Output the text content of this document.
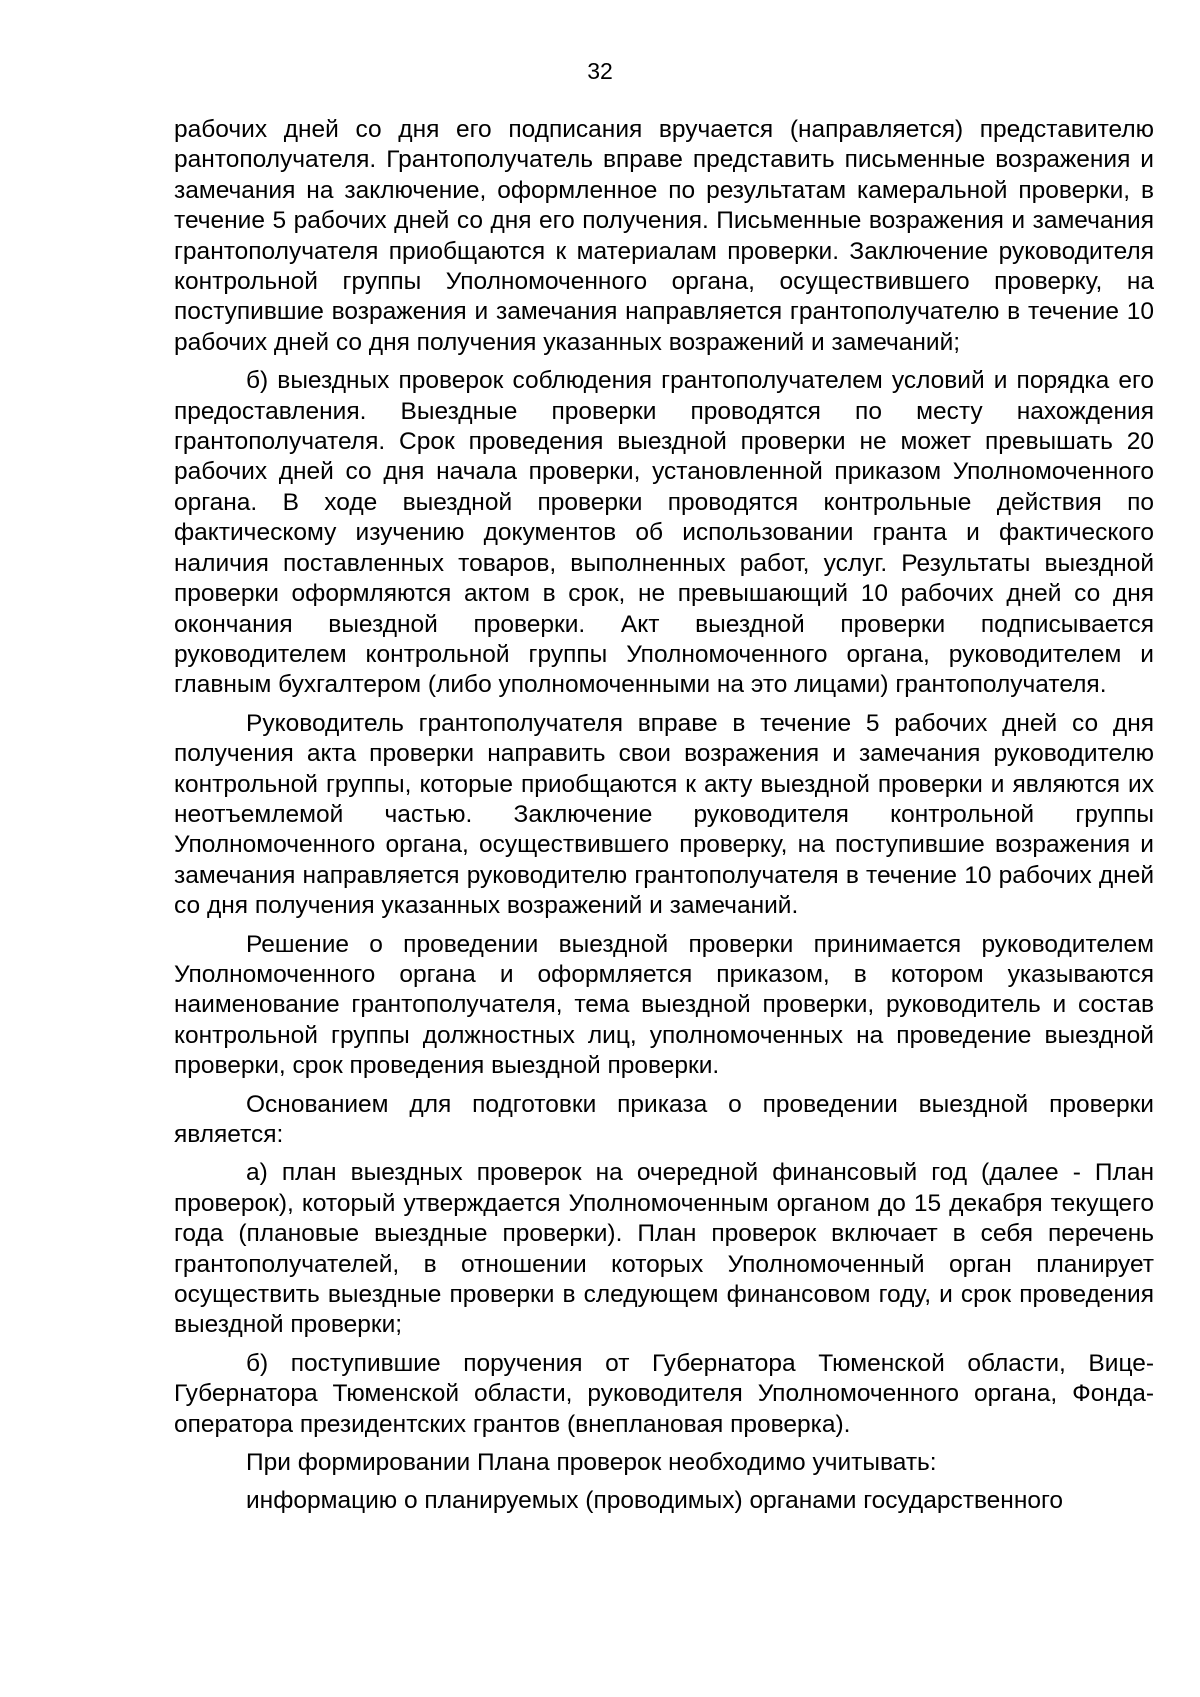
32

рабочих дней со дня его подписания вручается (направляется) представителю рантополучателя. Грантополучатель вправе представить письменные возражения и замечания на заключение, оформленное по результатам камеральной проверки, в течение 5 рабочих дней со дня его получения. Письменные возражения и замечания грантополучателя приобщаются к материалам проверки. Заключение руководителя контрольной группы Уполномоченного органа, осуществившего проверку, на поступившие возражения и замечания направляется грантополучателю в течение 10 рабочих дней со дня получения указанных возражений и замечаний;

б) выездных проверок соблюдения грантополучателем условий и порядка его предоставления. Выездные проверки проводятся по месту нахождения грантополучателя. Срок проведения выездной проверки не может превышать 20 рабочих дней со дня начала проверки, установленной приказом Уполномоченного органа. В ходе выездной проверки проводятся контрольные действия по фактическому изучению документов об использовании гранта и фактического наличия поставленных товаров, выполненных работ, услуг. Результаты выездной проверки оформляются актом в срок, не превышающий 10 рабочих дней со дня окончания выездной проверки. Акт выездной проверки подписывается руководителем контрольной группы Уполномоченного органа, руководителем и главным бухгалтером (либо уполномоченными на это лицами) грантополучателя.

Руководитель грантополучателя вправе в течение 5 рабочих дней со дня получения акта проверки направить свои возражения и замечания руководителю контрольной группы, которые приобщаются к акту выездной проверки и являются их неотъемлемой частью. Заключение руководителя контрольной группы Уполномоченного органа, осуществившего проверку, на поступившие возражения и замечания направляется руководителю грантополучателя в течение 10 рабочих дней со дня получения указанных возражений и замечаний.

Решение о проведении выездной проверки принимается руководителем Уполномоченного органа и оформляется приказом, в котором указываются наименование грантополучателя, тема выездной проверки, руководитель и состав контрольной группы должностных лиц, уполномоченных на проведение выездной проверки, срок проведения выездной проверки.

Основанием для подготовки приказа о проведении выездной проверки является:

а) план выездных проверок на очередной финансовый год (далее - План проверок), который утверждается Уполномоченным органом до 15 декабря текущего года (плановые выездные проверки). План проверок включает в себя перечень грантополучателей, в отношении которых Уполномоченный орган планирует осуществить выездные проверки в следующем финансовом году, и срок проведения выездной проверки;

б) поступившие поручения от Губернатора Тюменской области, Вице-Губернатора Тюменской области, руководителя Уполномоченного органа, Фонда-оператора президентских грантов (внеплановая проверка).

При формировании Плана проверок необходимо учитывать:

информацию о планируемых (проводимых) органами государственного
